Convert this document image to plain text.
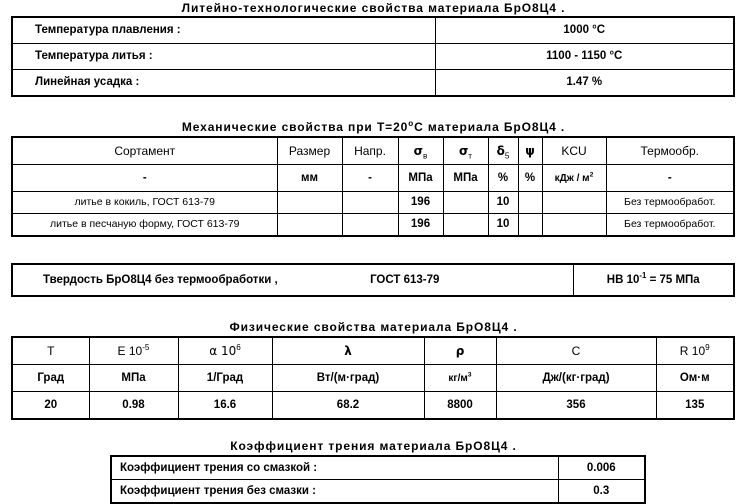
Литейно-технологические свойства материала БрО8Ц4 .
Температура плавления :	1000 °C
Температура литья :	1100 - 1150 °C
Линейная усадка :	1.47 %
Механические свойства при $T=20^oC$ материала БрО8Ц4 .
Сортамент	Размер	Напр.	$\sigma_в$	$\sigma_т$	$\delta_5$	ψ	KCU	Термообр.
-	мм	-	МПа	МПа	%	%	кДж / $м^2$	-
литье в кокиль, ГОСТ 613-79			196		10			Без термообработ.
литье в песчаную форму, ГОСТ 613-79			196		10			Без термообработ.
Твердость БрО8Ц4 без термообработки ,	ГОСТ 613-79	HB $10^{-1} = 75$ МПа
Физические свойства материала БрО8Ц4 .
T	E $10^{-5}$	α $10^6$	λ	ρ	C	R $10^9$
Град	МПа	1/Град	Вт/(м·град)	$кг/м^3$	Дж/(кг·град)	Ом·м
20	0.98	16.6	68.2	8800	356	135
Коэффициент трения материала БрО8Ц4 .
Коэффициент трения со смазкой :	0.006
Коэффициент трения без смазки :	0.3
